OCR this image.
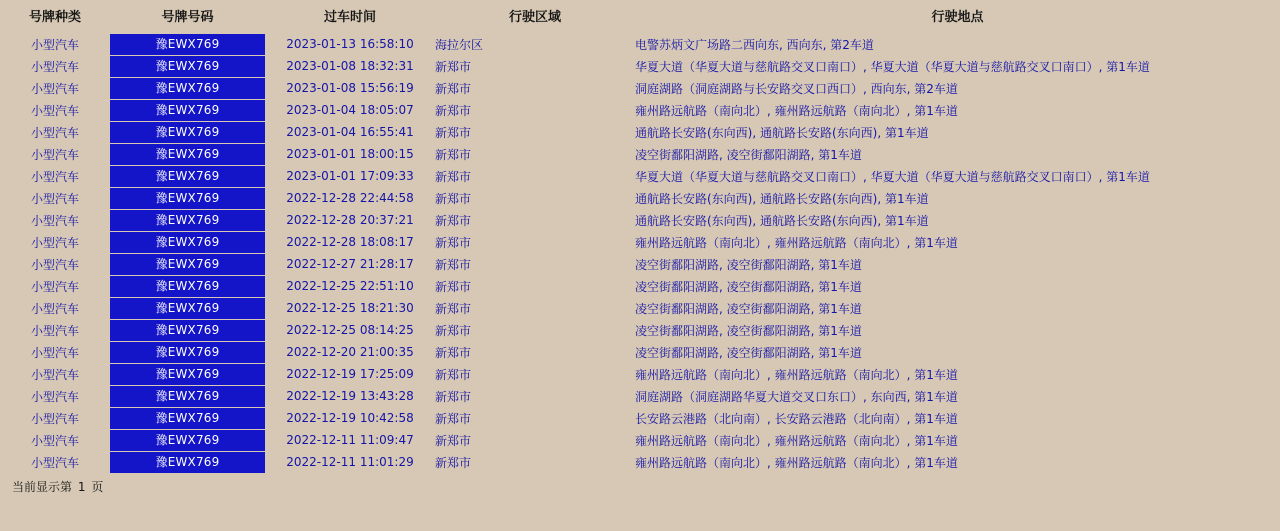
号牌种类	号牌号码	过车时间	行驶区域	行驶地点
小型汽车	豫EWX769	2023-01-13 16:58:10	海拉尔区	电警苏炳文广场路二西向东, 西向东, 第2车道
小型汽车	豫EWX769	2023-01-08 18:32:31	新郑市	华夏大道（华夏大道与慈航路交叉口南口）, 华夏大道（华夏大道与慈航路交叉口南口）, 第1车道
小型汽车	豫EWX769	2023-01-08 15:56:19	新郑市	洞庭湖路（洞庭湖路与长安路交叉口西口）, 西向东, 第2车道
小型汽车	豫EWX769	2023-01-04 18:05:07	新郑市	雍州路远航路（南向北）, 雍州路远航路（南向北）, 第1车道
小型汽车	豫EWX769	2023-01-04 16:55:41	新郑市	通航路长安路(东向西), 通航路长安路(东向西), 第1车道
小型汽车	豫EWX769	2023-01-01 18:00:15	新郑市	凌空街鄱阳湖路, 凌空街鄱阳湖路, 第1车道
小型汽车	豫EWX769	2023-01-01 17:09:33	新郑市	华夏大道（华夏大道与慈航路交叉口南口）, 华夏大道（华夏大道与慈航路交叉口南口）, 第1车道
小型汽车	豫EWX769	2022-12-28 22:44:58	新郑市	通航路长安路(东向西), 通航路长安路(东向西), 第1车道
小型汽车	豫EWX769	2022-12-28 20:37:21	新郑市	通航路长安路(东向西), 通航路长安路(东向西), 第1车道
小型汽车	豫EWX769	2022-12-28 18:08:17	新郑市	雍州路远航路（南向北）, 雍州路远航路（南向北）, 第1车道
小型汽车	豫EWX769	2022-12-27 21:28:17	新郑市	凌空街鄱阳湖路, 凌空街鄱阳湖路, 第1车道
小型汽车	豫EWX769	2022-12-25 22:51:10	新郑市	凌空街鄱阳湖路, 凌空街鄱阳湖路, 第1车道
小型汽车	豫EWX769	2022-12-25 18:21:30	新郑市	凌空街鄱阳湖路, 凌空街鄱阳湖路, 第1车道
小型汽车	豫EWX769	2022-12-25 08:14:25	新郑市	凌空街鄱阳湖路, 凌空街鄱阳湖路, 第1车道
小型汽车	豫EWX769	2022-12-20 21:00:35	新郑市	凌空街鄱阳湖路, 凌空街鄱阳湖路, 第1车道
小型汽车	豫EWX769	2022-12-19 17:25:09	新郑市	雍州路远航路（南向北）, 雍州路远航路（南向北）, 第1车道
小型汽车	豫EWX769	2022-12-19 13:43:28	新郑市	洞庭湖路（洞庭湖路华夏大道交叉口东口）, 东向西, 第1车道
小型汽车	豫EWX769	2022-12-19 10:42:58	新郑市	长安路云港路（北向南）, 长安路云港路（北向南）, 第1车道
小型汽车	豫EWX769	2022-12-11 11:09:47	新郑市	雍州路远航路（南向北）, 雍州路远航路（南向北）, 第1车道
小型汽车	豫EWX769	2022-12-11 11:01:29	新郑市	雍州路远航路（南向北）, 雍州路远航路（南向北）, 第1车道
当前显示第 1 页
